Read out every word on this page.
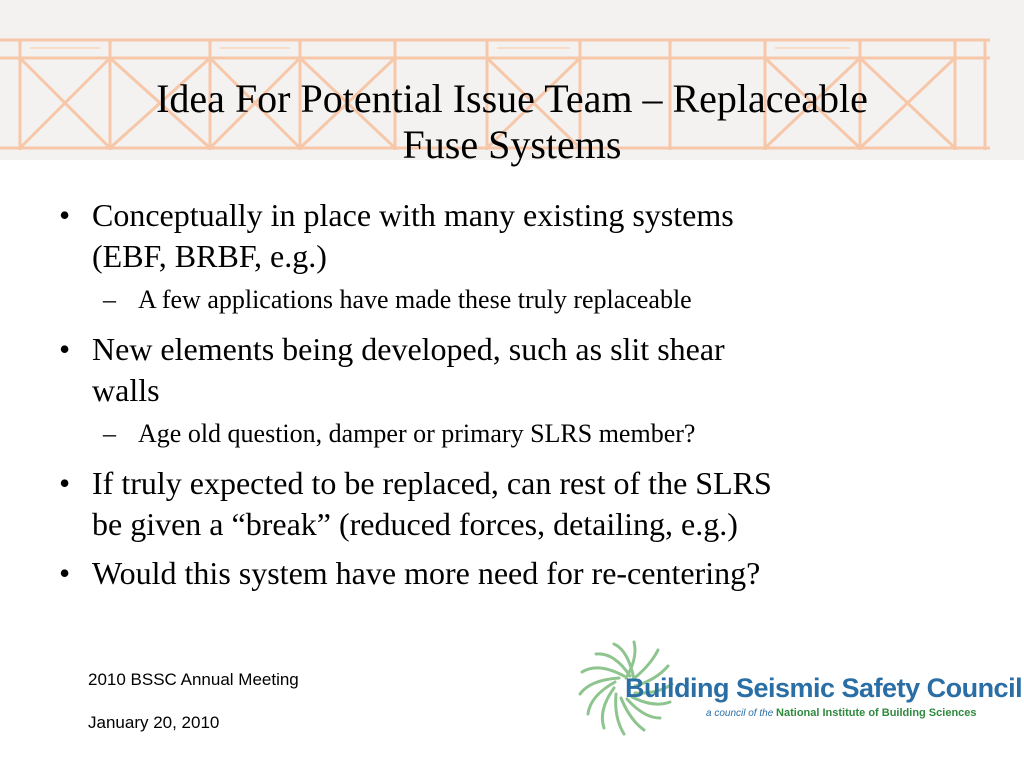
Idea For Potential Issue Team – Replaceable
Fuse Systems
• Conceptually in place with many existing systems
(EBF, BRBF, e.g.)
– A few applications have made these truly replaceable
• New elements being developed, such as slit shear
walls
– Age old question, damper or primary SLRS member?
• If truly expected to be replaced, can rest of the SLRS
be given a “break” (reduced forces, detailing, e.g.)
• Would this system have more need for re-centering?
2010 BSSC Annual Meeting
January 20, 2010
Building Seismic Safety Council
a council of the National Institute of Building Sciences
